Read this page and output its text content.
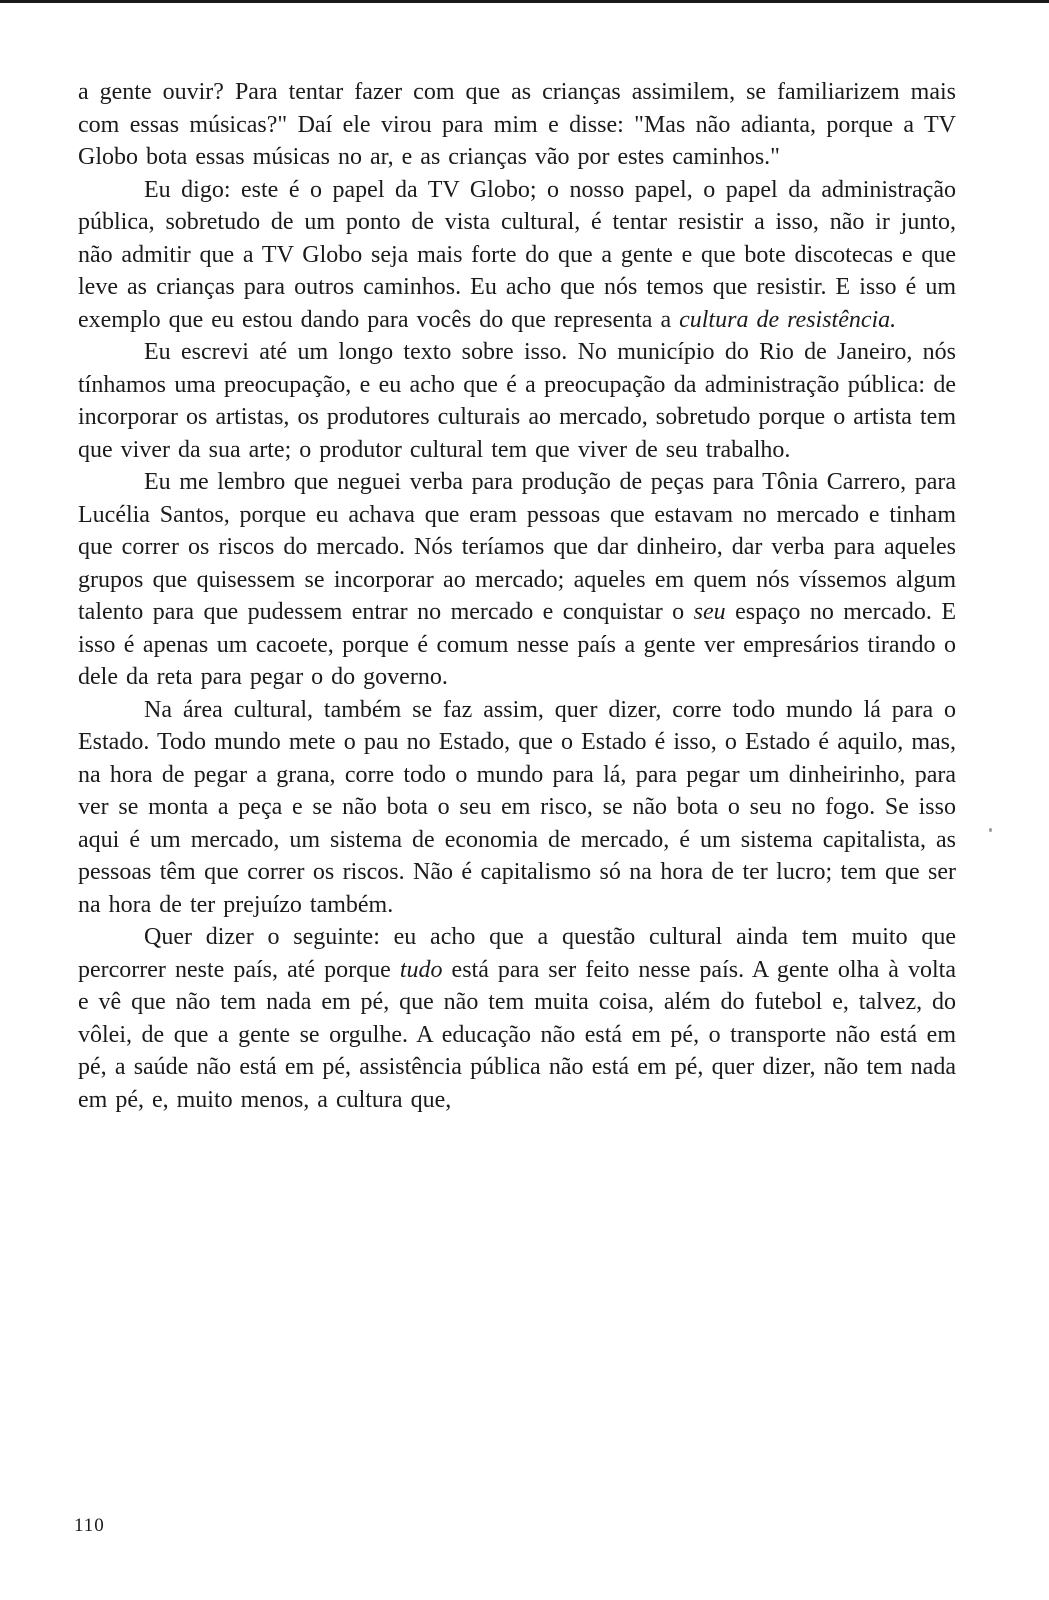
a gente ouvir? Para tentar fazer com que as crianças assimilem, se familiarizem mais com essas músicas?" Daí ele virou para mim e disse: "Mas não adianta, porque a TV Globo bota essas músicas no ar, e as crianças vão por estes caminhos."

Eu digo: este é o papel da TV Globo; o nosso papel, o papel da administração pública, sobretudo de um ponto de vista cultural, é tentar resistir a isso, não ir junto, não admitir que a TV Globo seja mais forte do que a gente e que bote discotecas e que leve as crianças para outros caminhos. Eu acho que nós temos que resistir. E isso é um exemplo que eu estou dando para vocês do que representa a cultura de resistência.

Eu escrevi até um longo texto sobre isso. No município do Rio de Janeiro, nós tínhamos uma preocupação, e eu acho que é a preocupação da administração pública: de incorporar os artistas, os produtores culturais ao mercado, sobretudo porque o artista tem que viver da sua arte; o produtor cultural tem que viver de seu trabalho.

Eu me lembro que neguei verba para produção de peças para Tônia Carrero, para Lucélia Santos, porque eu achava que eram pessoas que estavam no mercado e tinham que correr os riscos do mercado. Nós teríamos que dar dinheiro, dar verba para aqueles grupos que quisessem se incorporar ao mercado; aqueles em quem nós víssemos algum talento para que pudessem entrar no mercado e conquistar o seu espaço no mercado. E isso é apenas um cacoete, porque é comum nesse país a gente ver empresários tirando o dele da reta para pegar o do governo.

Na área cultural, também se faz assim, quer dizer, corre todo mundo lá para o Estado. Todo mundo mete o pau no Estado, que o Estado é isso, o Estado é aquilo, mas, na hora de pegar a grana, corre todo o mundo para lá, para pegar um dinheirinho, para ver se monta a peça e se não bota o seu em risco, se não bota o seu no fogo. Se isso aqui é um mercado, um sistema de economia de mercado, é um sistema capitalista, as pessoas têm que correr os riscos. Não é capitalismo só na hora de ter lucro; tem que ser na hora de ter prejuízo também.

Quer dizer o seguinte: eu acho que a questão cultural ainda tem muito que percorrer neste país, até porque tudo está para ser feito nesse país. A gente olha à volta e vê que não tem nada em pé, que não tem muita coisa, além do futebol e, talvez, do vôlei, de que a gente se orgulhe. A educação não está em pé, o transporte não está em pé, a saúde não está em pé, assistência pública não está em pé, quer dizer, não tem nada em pé, e, muito menos, a cultura que,

110
